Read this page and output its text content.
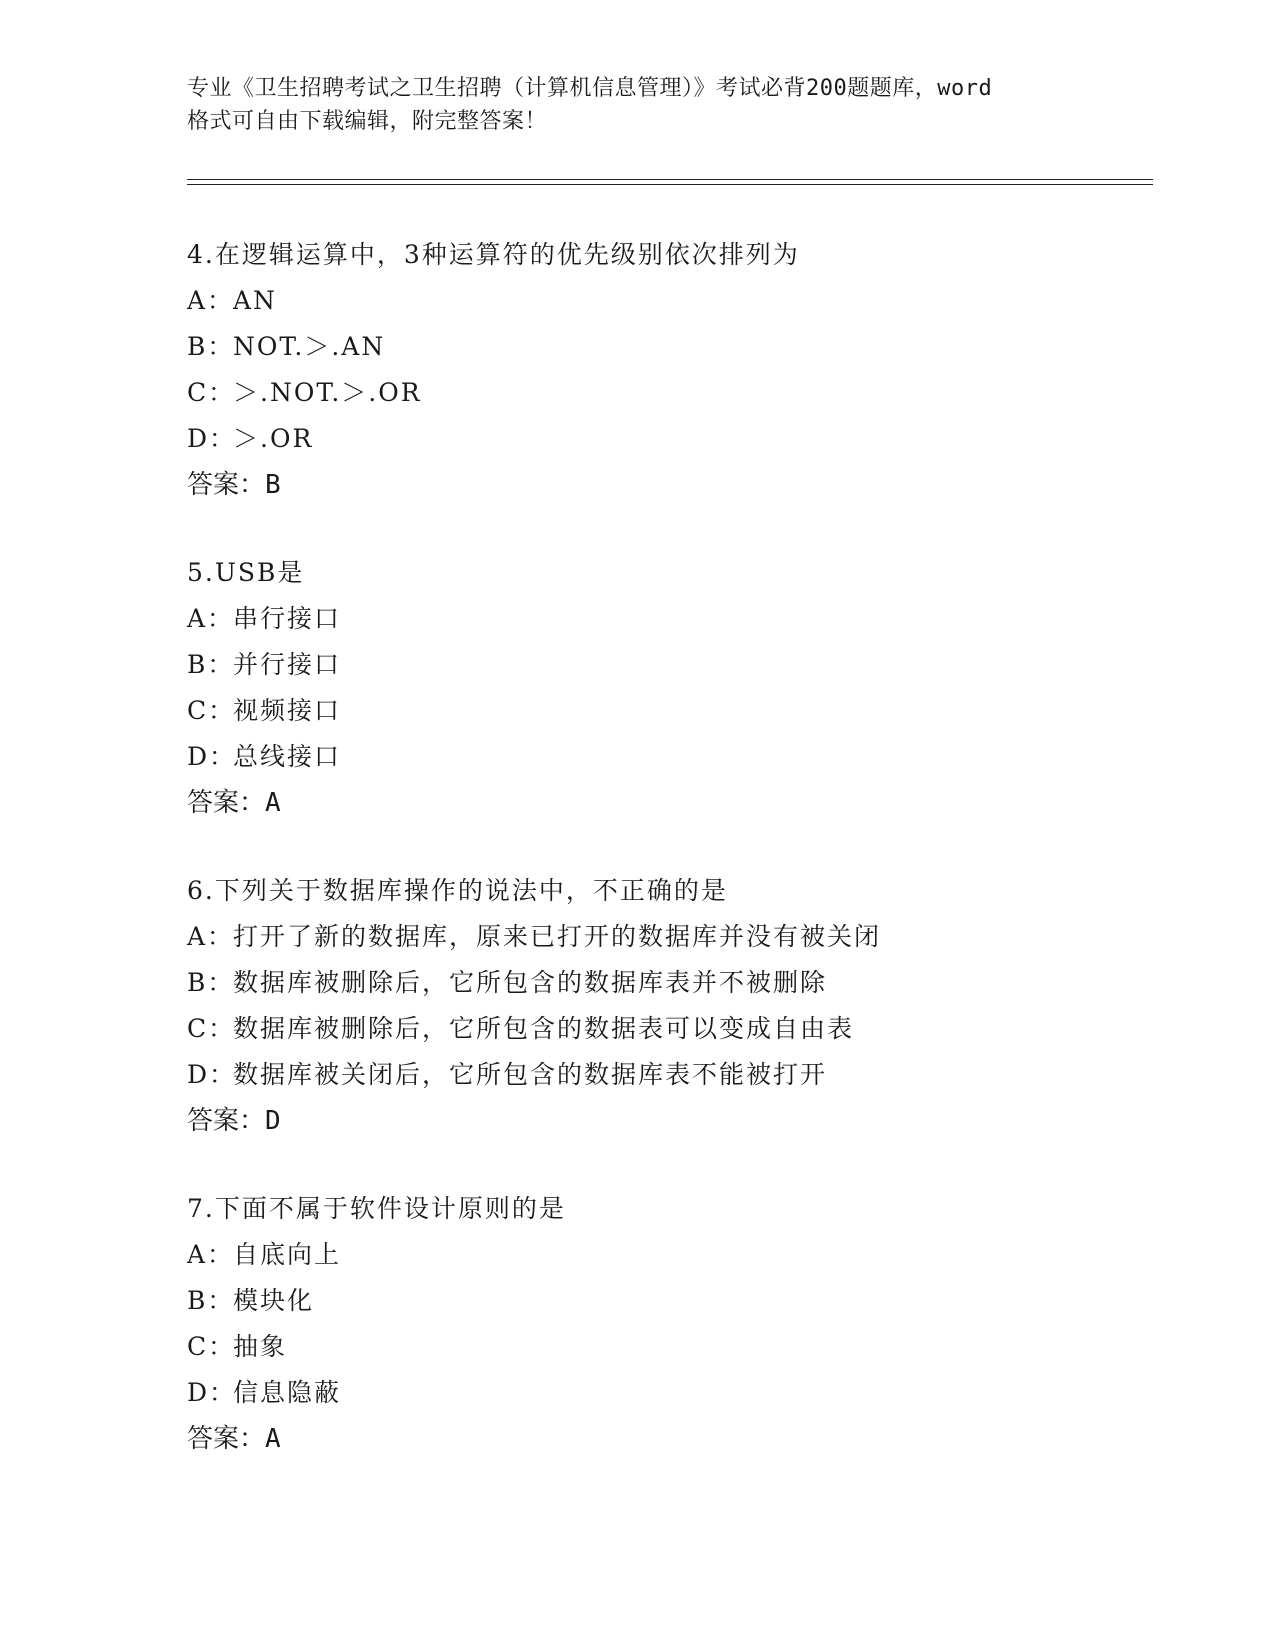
专业《卫生招聘考试之卫生招聘（计算机信息管理）》考试必背200题题库，word
格式可自由下载编辑，附完整答案！
4.在逻辑运算中，3种运算符的优先级别依次排列为
A：AN
B：NOT.＞.AN
C：＞.NOT.＞.OR
D：＞.OR
答案：B
5.USB是
A：串行接口
B：并行接口
C：视频接口
D：总线接口
答案：A
6.下列关于数据库操作的说法中，不正确的是
A：打开了新的数据库，原来已打开的数据库并没有被关闭
B：数据库被删除后，它所包含的数据库表并不被删除
C：数据库被删除后，它所包含的数据表可以变成自由表
D：数据库被关闭后，它所包含的数据库表不能被打开
答案：D
7.下面不属于软件设计原则的是
A：自底向上
B：模块化
C：抽象
D：信息隐蔽
答案：A
